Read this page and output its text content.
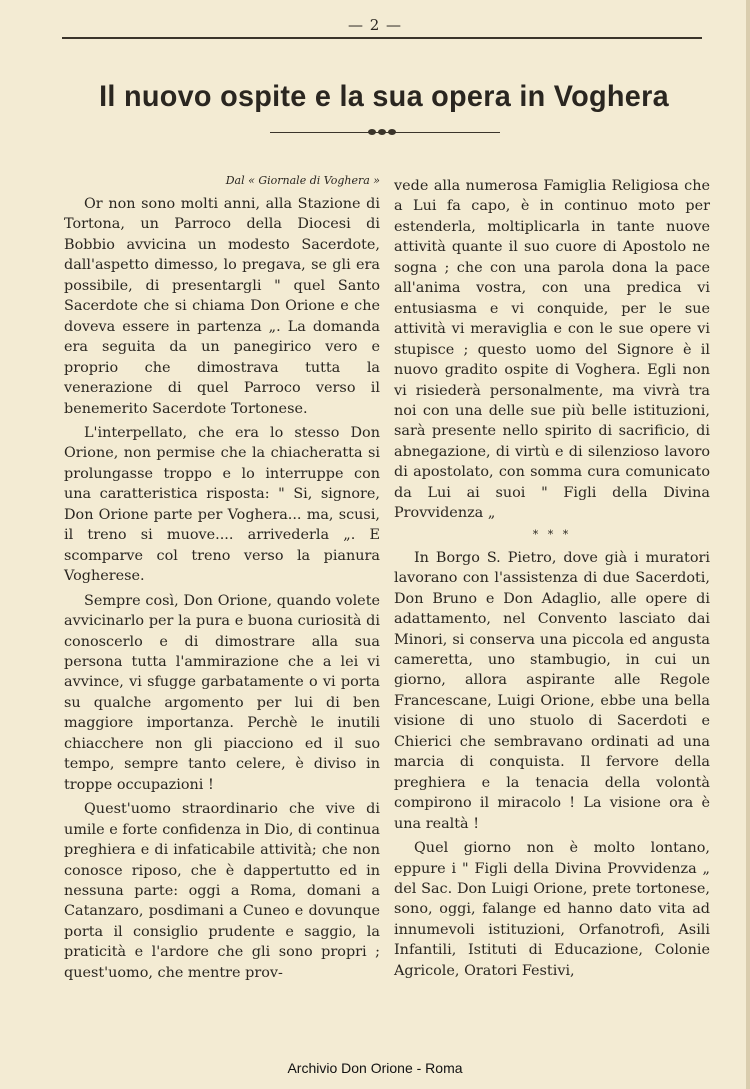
— 2 —
Il nuovo ospite e la sua opera in Voghera
Dal « Giornale di Voghera »

Or non sono molti anni, alla Stazione di Tortona, un Parroco della Diocesi di Bobbio avvicina un modesto Sacerdote, dall'aspetto dimesso, lo pregava, se gli era possibile, di presentargli " quel Santo Sacerdote che si chiama Don Orione e che doveva essere in partenza „. La domanda era seguita da un panegirico vero e proprio che dimostrava tutta la venerazione di quel Parroco verso il benemerito Sacerdote Tortonese.

L'interpellato, che era lo stesso Don Orione, non permise che la chiacheratta si prolungasse troppo e lo interruppe con una caratteristica risposta: " Si, signore, Don Orione parte per Voghera... ma, scusi, il treno si muove.... arrivederla „. E scomparve col treno verso la pianura Vogherese.

Sempre così, Don Orione, quando volete avvicinarlo per la pura e buona curiosità di conoscerlo e di dimostrare alla sua persona tutta l'ammirazione che a lei vi avvince, vi sfugge garbatamente o vi porta su qualche argomento per lui di ben maggiore importanza. Perchè le inutili chiacchere non gli piacciono ed il suo tempo, sempre tanto celere, è diviso in troppe occupazioni !

Quest'uomo straordinario che vive di umile e forte confidenza in Dio, di continua preghiera e di infaticabile attività; che non conosce riposo, che è dappertutto ed in nessuna parte: oggi a Roma, domani a Catanzaro, posdimani a Cuneo e dovunque porta il consiglio prudente e saggio, la praticità e l'ardore che gli sono propri ; quest'uomo, che mentre prov-

vede alla numerosa Famiglia Religiosa che a Lui fa capo, è in continuo moto per estenderla, moltiplicarla in tante nuove attività quante il suo cuore di Apostolo ne sogna ; che con una parola dona la pace all'anima vostra, con una predica vi entusiasma e vi conquide, per le sue attività vi meraviglia e con le sue opere vi stupisce ; questo uomo del Signore è il nuovo gradito ospite di Voghera. Egli non vi risiederà personalmente, ma vivrà tra noi con una delle sue più belle istituzioni, sarà presente nello spirito di sacrificio, di abnegazione, di virtù e di silenzioso lavoro di apostolato, con somma cura comunicato da Lui ai suoi " Figli della Divina Provvidenza „

* * *

In Borgo S. Pietro, dove già i muratori lavorano con l'assistenza di due Sacerdoti, Don Bruno e Don Adaglio, alle opere di adattamento, nel Convento lasciato dai Minori, si conserva una piccola ed angusta cameretta, uno stambugio, in cui un giorno, allora aspirante alle Regole Francescane, Luigi Orione, ebbe una bella visione di uno stuolo di Sacerdoti e Chierici che sembravano ordinati ad una marcia di conquista. Il fervore della preghiera e la tenacia della volontà compirono il miracolo ! La visione ora è una realtà !

Quel giorno non è molto lontano, eppure i " Figli della Divina Provvidenza „ del Sac. Don Luigi Orione, prete tortonese, sono, oggi, falange ed hanno dato vita ad innumevoli istituzioni, Orfanotrofi, Asili Infantili, Istituti di Educazione, Colonie Agricole, Oratori Festivi,

Archivio Don Orione - Roma
